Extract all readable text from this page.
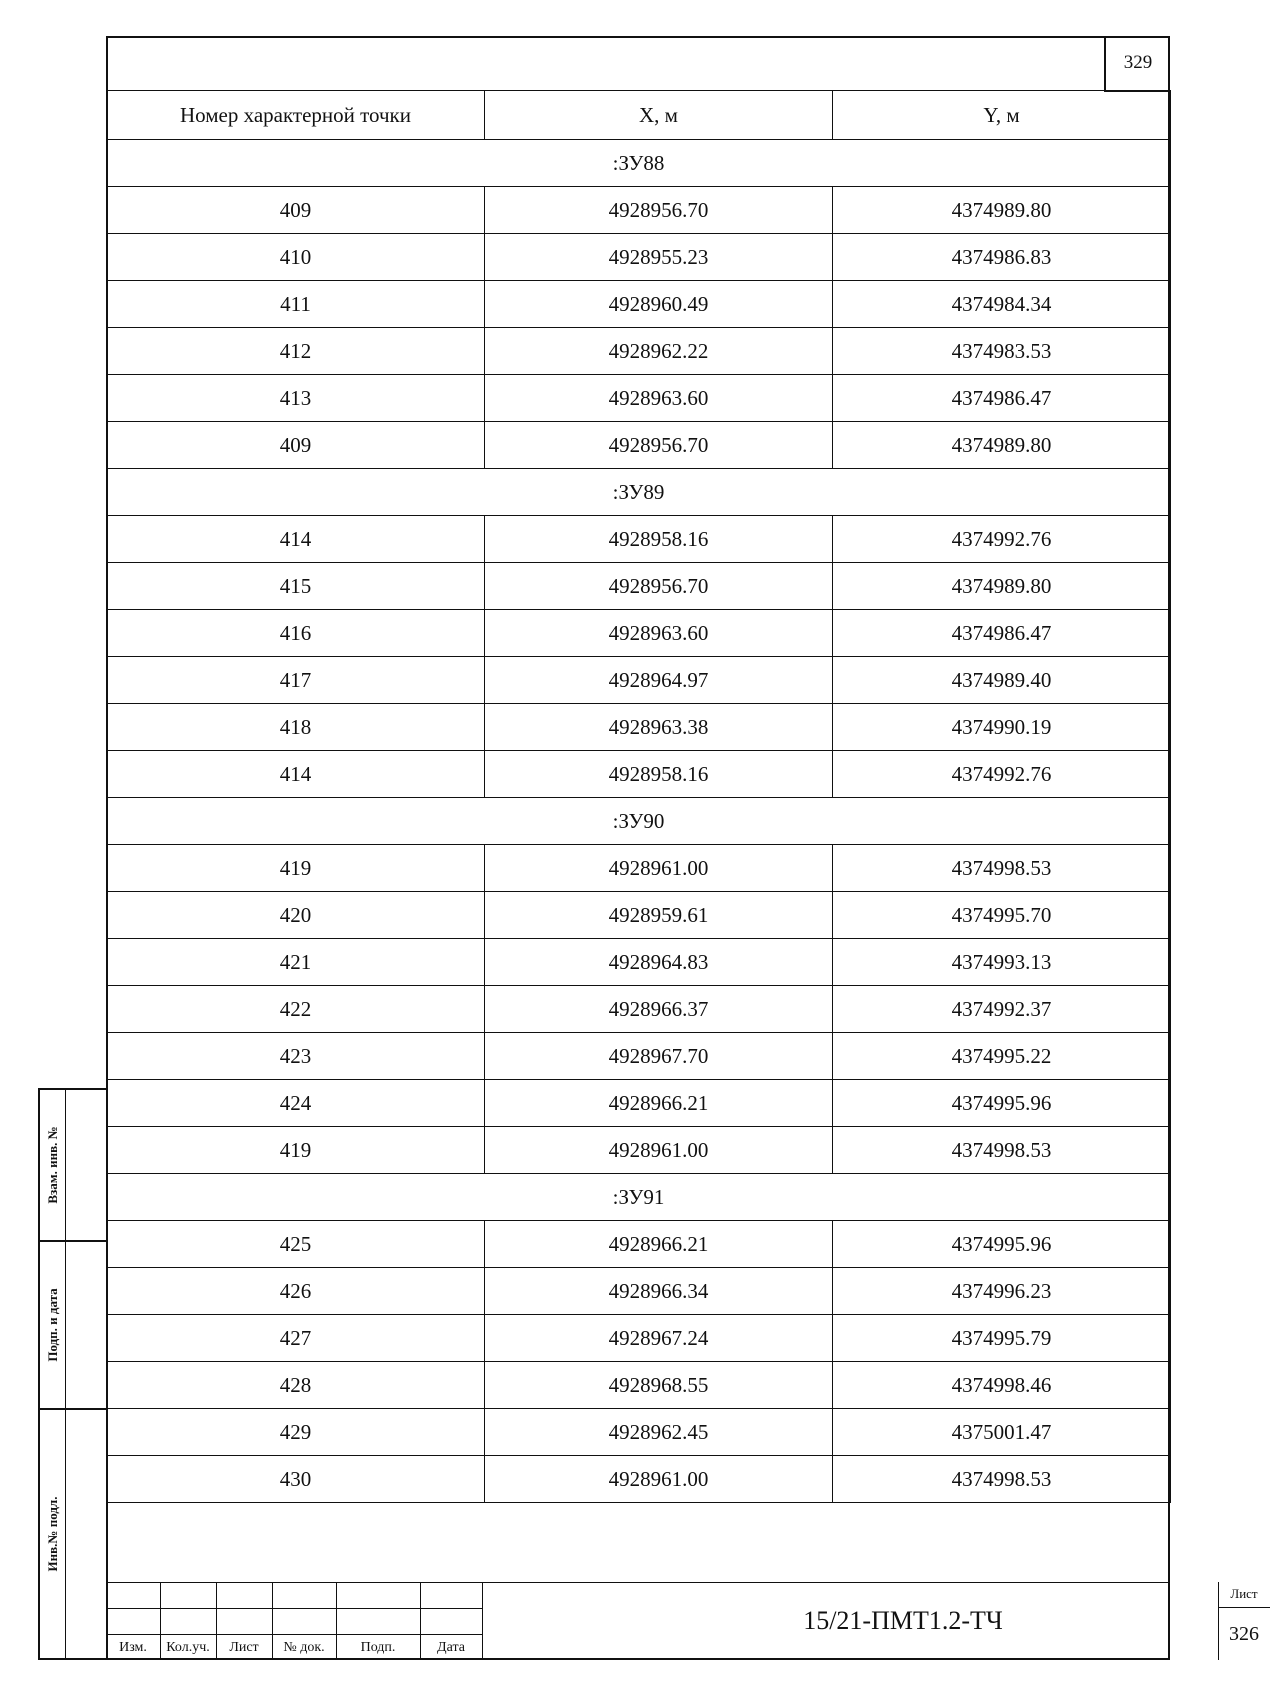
329
Номер характерной точки	X, м	Y, м
:ЗУ88		
409	4928956.70	4374989.80
410	4928955.23	4374986.83
411	4928960.49	4374984.34
412	4928962.22	4374983.53
413	4928963.60	4374986.47
409	4928956.70	4374989.80
:ЗУ89		
414	4928958.16	4374992.76
415	4928956.70	4374989.80
416	4928963.60	4374986.47
417	4928964.97	4374989.40
418	4928963.38	4374990.19
414	4928958.16	4374992.76
:ЗУ90		
419	4928961.00	4374998.53
420	4928959.61	4374995.70
421	4928964.83	4374993.13
422	4928966.37	4374992.37
423	4928967.70	4374995.22
424	4928966.21	4374995.96
419	4928961.00	4374998.53
:ЗУ91		
425	4928966.21	4374995.96
426	4928966.34	4374996.23
427	4928967.24	4374995.79
428	4928968.55	4374998.46
429	4928962.45	4375001.47
430	4928961.00	4374998.53
Взам. инв. №
Подп. и дата
Инв.№ подл.
Изм.	Кол.уч.	Лист	№ док.	Подп.	Дата
15/21-ПМТ1.2-ТЧ
Лист
326
